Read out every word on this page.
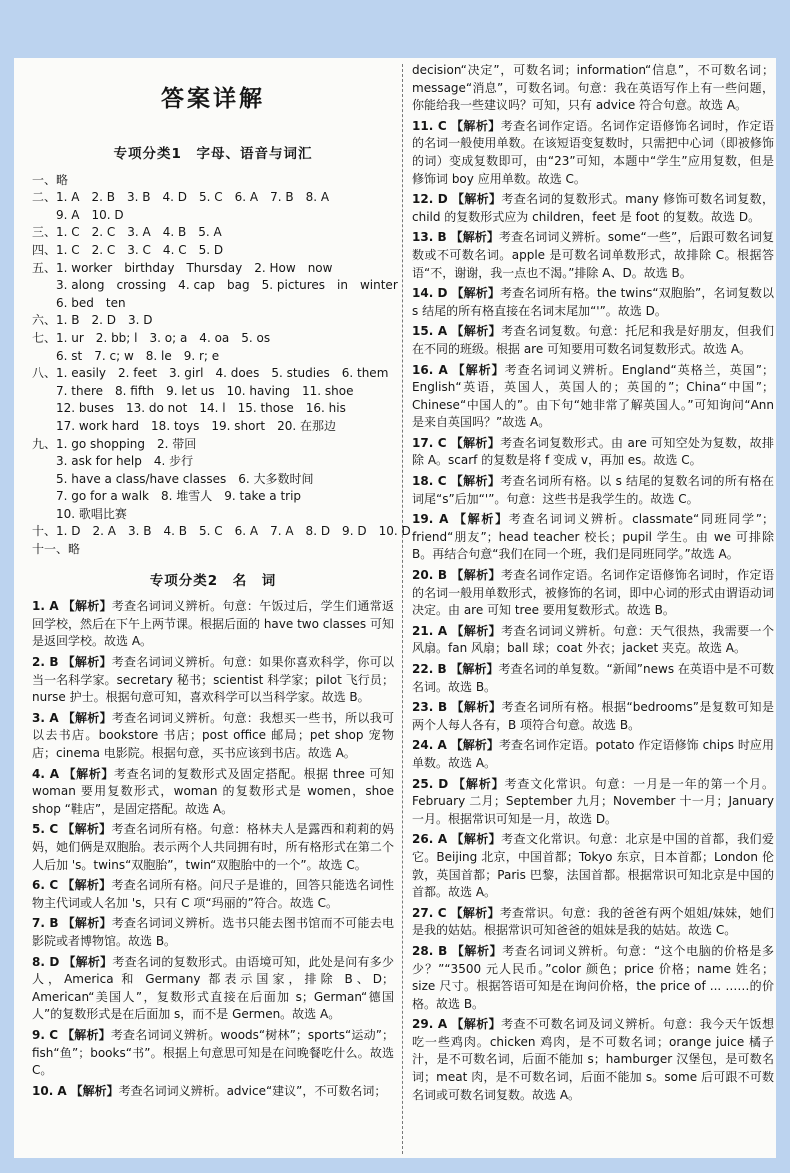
答案详解
专项分类1　字母、语音与词汇
一、略
二、1. A　2. B　3. B　4. D　5. C　6. A　7. B　8. A
　　9. A　10. D
三、1. C　2. C　3. A　4. B　5. A
四、1. C　2. C　3. C　4. C　5. D
五、1. worker　birthday　Thursday　2. How　now
　　3. along　crossing　4. cap　bag　5. pictures　in　winter
　　6. bed　ten
六、1. B　2. D　3. D
七、1. ur　2. bb; l　3. o; a　4. oa　5. os
　　6. st　7. c; w　8. le　9. r; e
八、1. easily　2. feet　3. girl　4. does　5. studies　6. them
　　7. there　8. fifth　9. let us　10. having　11. shoe
　　12. buses　13. do not　14. l　15. those　16. his
　　17. work hard　18. toys　19. short　20. 在那边
九、1. go shopping　2. 带回
　　3. ask for help　4. 步行
　　5. have a class/have classes　6. 大多数时间
　　7. go for a walk　8. 堆雪人　9. take a trip
　　10. 歌唱比赛
十、1. D　2. A　3. B　4. B　5. C　6. A　7. A　8. D　9. D　10. D
十一、略
专项分类2　名　词

1. A 【解析】考查名词词义辨析。句意：午饭过后，学生们通常返回学校，然后在下午上两节课。根据后面的 have two classes 可知是返回学校。故选 A。

2. B 【解析】考查名词词义辨析。句意：如果你喜欢科学，你可以当一名科学家。secretary 秘书；scientist 科学家；pilot 飞行员；nurse 护士。根据句意可知，喜欢科学可以当科学家。故选 B。

3. A 【解析】考查名词词义辨析。句意：我想买一些书，所以我可以去书店。bookstore 书店；post office 邮局；pet shop 宠物店；cinema 电影院。根据句意，买书应该到书店。故选 A。

4. A 【解析】考查名词的复数形式及固定搭配。根据 three 可知 woman 要用复数形式，woman 的复数形式是 women，shoe shop “鞋店”，是固定搭配。故选 A。

5. C 【解析】考查名词所有格。句意：格林夫人是露西和莉莉的妈妈，她们俩是双胞胎。表示两个人共同拥有时，所有格形式在第二个人后加 's。twins“双胞胎”，twin“双胞胎中的一个”。故选 C。

6. C 【解析】考查名词所有格。问尺子是谁的，回答只能选名词性物主代词或人名加 's，只有 C 项“玛丽的”符合。故选 C。

7. B 【解析】考查名词词义辨析。选书只能去图书馆而不可能去电影院或者博物馆。故选 B。

8. D 【解析】考查名词的复数形式。由语境可知，此处是问有多少人，America 和 Germany 都表示国家，排除 B、D；American“美国人”，复数形式直接在后面加 s；German“德国人”的复数形式是在后面加 s，而不是 Germen。故选 A。

9. C 【解析】考查名词词义辨析。woods“树林”；sports“运动”；fish“鱼”；books“书”。根据上句意思可知是在问晚餐吃什么。故选 C。

10. A 【解析】考查名词词义辨析。advice“建议”，不可数名词；

decision“决定”，可数名词；information“信息”，不可数名词；message“消息”，可数名词。句意：我在英语写作上有一些问题，你能给我一些建议吗？可知，只有 advice 符合句意。故选 A。

11. C 【解析】考查名词作定语。名词作定语修饰名词时，作定语的名词一般使用单数。在该短语变复数时，只需把中心词（即被修饰的词）变成复数即可，由“23”可知，本题中“学生”应用复数，但是修饰词 boy 应用单数。故选 C。

12. D 【解析】考查名词的复数形式。many 修饰可数名词复数，child 的复数形式应为 children，feet 是 foot 的复数。故选 D。

13. B 【解析】考查名词词义辨析。some“一些”，后跟可数名词复数或不可数名词。apple 是可数名词单数形式，故排除 C。根据答语“不，谢谢，我一点也不渴。”排除 A、D。故选 B。

14. D 【解析】考查名词所有格。the twins“双胞胎”，名词复数以 s 结尾的所有格直接在名词末尾加“'”。故选 D。

15. A 【解析】考查名词复数。句意：托尼和我是好朋友，但我们在不同的班级。根据 are 可知要用可数名词复数形式。故选 A。

16. A 【解析】考查名词词义辨析。England“英格兰，英国”；English“英语，英国人，英国人的；英国的”；China“中国”；Chinese“中国人的”。由下句“她非常了解英国人。”可知询问“Ann 是来自英国吗？”故选 A。

17. C 【解析】考查名词复数形式。由 are 可知空处为复数，故排除 A。scarf 的复数是将 f 变成 v，再加 es。故选 C。

18. C 【解析】考查名词所有格。以 s 结尾的复数名词的所有格在词尾“s”后加“'”。句意：这些书是我学生的。故选 C。

19. A 【解析】考查名词词义辨析。classmate“同班同学”；friend“朋友”；head teacher 校长；pupil 学生。由 we 可排除 B。再结合句意“我们在同一个班，我们是同班同学。”故选 A。

20. B 【解析】考查名词作定语。名词作定语修饰名词时，作定语的名词一般用单数形式，被修饰的名词，即中心词的形式由谓语动词决定。由 are 可知 tree 要用复数形式。故选 B。

21. A 【解析】考查名词词义辨析。句意：天气很热，我需要一个风扇。fan 风扇；ball 球；coat 外衣；jacket 夹克。故选 A。

22. B 【解析】考查名词的单复数。“新闻”news 在英语中是不可数名词。故选 B。

23. B 【解析】考查名词所有格。根据“bedrooms”是复数可知是两个人每人各有，B 项符合句意。故选 B。

24. A 【解析】考查名词作定语。potato 作定语修饰 chips 时应用单数。故选 A。

25. D 【解析】考查文化常识。句意：一月是一年的第一个月。February 二月；September 九月；November 十一月；January 一月。根据常识可知是一月，故选 D。

26. A 【解析】考查文化常识。句意：北京是中国的首都，我们爱它。Beijing 北京，中国首都；Tokyo 东京，日本首都；London 伦敦，英国首都；Paris 巴黎，法国首都。根据常识可知北京是中国的首都。故选 A。

27. C 【解析】考查常识。句意：我的爸爸有两个姐姐/妹妹，她们是我的姑姑。根据常识可知爸爸的姐妹是我的姑姑。故选 C。

28. B 【解析】考查名词词义辨析。句意：“这个电脑的价格是多少？”“3500 元人民币。”color 颜色；price 价格；name 姓名；size 尺寸。根据答语可知是在询问价格，the price of ... ……的价格。故选 B。

29. A 【解析】考查不可数名词及词义辨析。句意：我今天午饭想吃一些鸡肉。chicken 鸡肉，是不可数名词；orange juice 橘子汁，是不可数名词，后面不能加 s；hamburger 汉堡包，是可数名词；meat 肉，是不可数名词，后面不能加 s。some 后可跟不可数名词或可数名词复数。故选 A。
